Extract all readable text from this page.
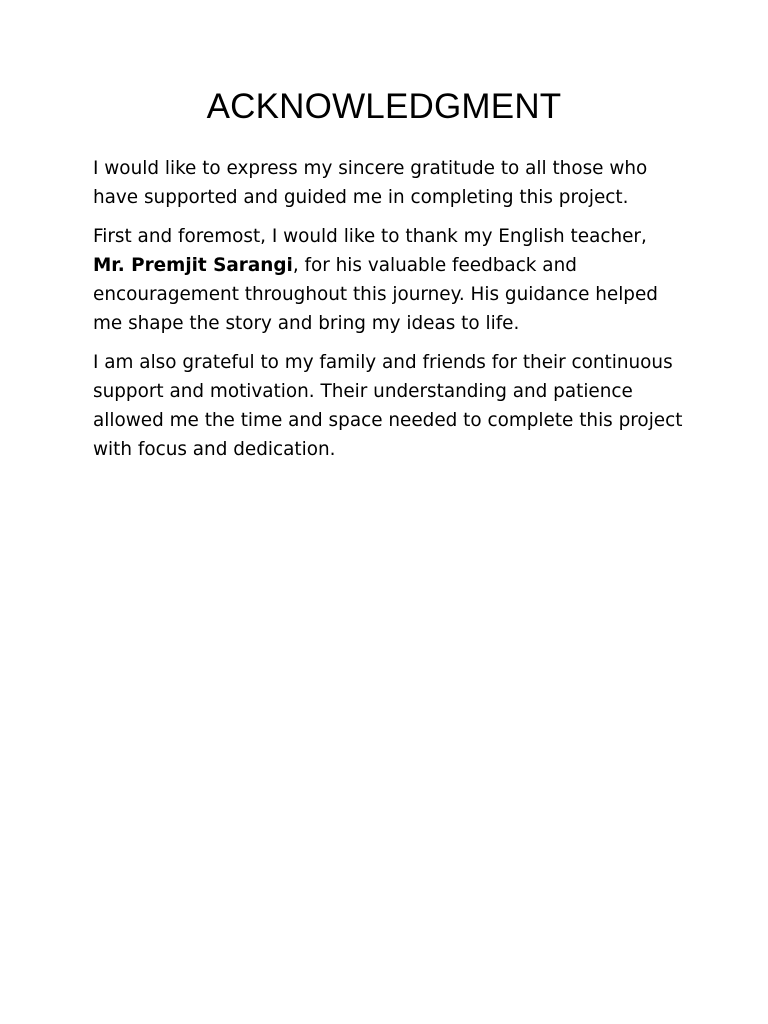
ACKNOWLEDGMENT

I would like to express my sincere gratitude to all those who have supported and guided me in completing this project.

First and foremost, I would like to thank my English teacher, Mr. Premjit Sarangi, for his valuable feedback and encouragement throughout this journey. His guidance helped me shape the story and bring my ideas to life.

I am also grateful to my family and friends for their continuous support and motivation. Their understanding and patience allowed me the time and space needed to complete this project with focus and dedication.
